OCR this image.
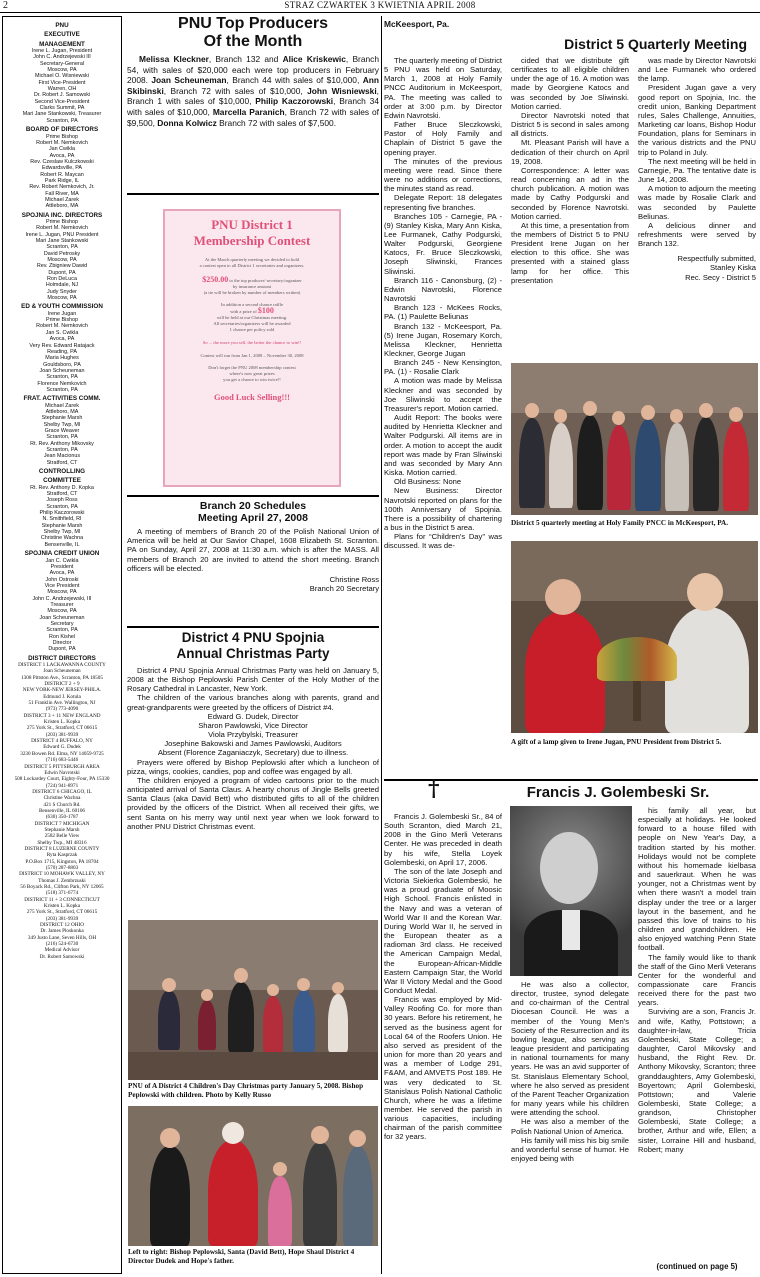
2	STRAZ CZWARTEK 3 KWIETNIA APRIL 2008
PNU
EXECUTIVE
MANAGEMENT
Irene L. Jugan, President
John C. Andrzejewski III
Secretary-General
Moscow, PA
Michael O. Wisniewski
First Vice-President
Warren, OH
Dr. Robert J. Samowski
Second Vice-President
Clarks Summit, PA
Mari Jane Stankowski, Treasurer
Scranton, PA
BOARD OF DIRECTORS
Prime Bishop
Robert M. Nemkovich
Jan Cwikla
Avoca, PA
Rev. Czeslaw Kulczkowski
Edwardsville, PA
Robert R. Maycan
Park Ridge, IL
Rev. Robert Nemkovich, Jr.
Fall River, MA
Michael Zarek
Attleboro, MA
SPOJNIA INC. DIRECTORS
Prime Bishop
Robert M. Nemkovich
Irene L. Jugan, PNU President
Mari Jane Stankowski
Scranton, PA
David Petrosky
Moscow, PA
Rev. Zbigniew Dawid
Dupont, PA
Ron DeLuca
Holmdale, NJ
Judy Snyder
Moscow, PA
ED & YOUTH COMMISSION
Irene Jugan
Prime Bishop
Robert M. Nemkovich
Jan S. Cwikla
Avoca, PA
Very Rev. Edward Ratajack
Reading, PA
Maria Hughes
Gouldsboro, PA
Joan Scheuneman
Scranton, PA
Florence Nemkovich
Scranton, PA
FRAT. ACTIVITIES COMM.
Michael Zarek
Attleboro, MA
Stephanie Marsh
Shelby Twp, MI
Grace Weaver
Scranton, PA
Rt. Rev. Anthony Mikovsky
Scranton, PA
Jean Macionus
Stratford, CT
CONTROLLING
COMMITTEE
Rt. Rev. Anthony D. Kopka
Stratford, CT
Joseph Ross
Scranton, PA
Philip Kaczorowski
N. Smithfield, RI
Stephanie Marsh
Shelby Twp, MI
Christine Wachna
Bensenville, IL
SPOJNIA CREDIT UNION
Jan C. Cwikla
President
Avoca, PA
John Ostroski
Vice President
Moscow, PA
John C. Andrzejewski, III
Treasurer
Moscow, PA
Joan Scheuneman
Secretary
Scranton, PA
Ron Kishel
Director
Dupont, PA
DISTRICT DIRECTORS
DISTRICT 1 LACKAWANNA COUNTY
Joan Scheuneman
1308 Pittston Ave., Scranton, PA 18505
DISTRICT 2 + 9
NEW YORK-NEW JERSEY-PHILA.
Edmund J. Kotula
51 Franklin Ave. Wallington, NJ
(973) 773-4090
DISTRICT 3 + 11 NEW ENGLAND
Kristen L. Kopka
275 York St., Stratford, CT 06615
(203) 381-9939
DISTRICT 4 BUFFALO, NY
Edward G. Dudek
3230 Bowen Rd. Elma, NY 14059-9725
(716) 683-5446
DISTRICT 5 PITTSBURGH AREA
Edwin Navrotski
508 Lockardey Court, Eighty-Four, PA 15330
(724) 941-8971
DISTRICT 6 CHICAGO, IL
Christine Wachna
421 S Church Rd.
Bensenville, IL 60106
(630) 350-1787
DISTRICT 7 MICHIGAN
Stephanie Marsh
2582 Belle View
Shelby Twp., MI 48316
DISTRICT 8 LUZERNE COUNTY
Ryta Kasprzak
P.O.Box 1715, Kingston, PA 18704
(570) 287-8803
DISTRICT 10 MOHAWK VALLEY, NY
Thomas J. Zembrzuski
56 Boyack Rd., Clifton Park, NY 12065
(518) 371-6774
DISTRICT 11 + 3 CONNECTICUT
Kristen L. Kopka
275 York St., Stratford, CT 06615
(203) 381-9939
DISTRICT 12 OHIO
Dr. James Ploskonka
349 Justo Lane, Seven Hills, OH
(216) 524-6730
Medical Advisor
Dr. Robert Samowski
PNU Top Producers
Of the Month
Melissa Kleckner, Branch 132 and Alice Kriskewic, Branch 54, with sales of $20,000 each were top producers in February 2008. Joan Scheuneman, Branch 44 with sales of $10,000, Ann Skibinski, Branch 72 with sales of $10,000, John Wisniewski, Branch 1 with sales of $10,000, Philip Kaczorowski, Branch 34 with sales of $10,000, Marcella Paranich, Branch 72 with sales of $9,500, Donna Kolwicz Branch 72 with sales of $7,500.
PNU District 1
Membership Contest
At the March quarterly meeting we decided to hold
a contest open to all District 1 secretaries and organizers.
$250.00 to the top producer/ secretary/organizer
by insurance amount
(a tie will be broken by number of members written)
In addition a second chance raffle
with a prize of $100
will be held at our Christmas meeting.
All secretaries/organizers will be awarded
1 chance per policy sold
So ... the more you sell, the better the chance to win!!
Contest will run from Jan 1, 2008 – November 30, 2008
Don't forget the PNU 2008 membership contest
where's now great prizes
you get a chance to win twice!!
Good Luck Selling!!!
Branch 20 Schedules
Meeting April 27, 2008
A meeting of members of Branch 20 of the Polish National Union of America will be held at Our Savior Chapel, 1608 Elizabeth St. Scranton. PA on Sunday, April 27, 2008 at 11:30 a.m. which is after the MASS. All members of Branch 20 are invited to attend the short meeting. Branch officers will be elected.
Christine Ross
Branch 20 Secretary
District 4 PNU Spojnia
Annual Christmas Party

District 4 PNU Spojnia Annual Christmas Party was held on January 5, 2008 at the Bishop Peplowski Parish Center of the Holy Mother of the Rosary Cathedral in Lancaster, New York.

The children of the various branches along with parents, grand and great-grandparents were greeted by the officers of District #4.

Edward G. Dudek, Director
Sharon Pawlowski, Vice Director
Viola Przybylski, Treasurer
Josephine Bakowski and James Pawlowski, Auditors
Absent (Florence Zaganiaczyk, Secretary) due to illness.

Prayers were offered by Bishop Peplowski after which a luncheon of pizza, wings, cookies, candies, pop and coffee was engaged by all.

The children enjoyed a program of video cartoons prior to the much anticipated arrival of Santa Claus. A hearty chorus of Jingle Bells greeted Santa Claus (aka David Bett) who distributed gifts to all of the children provided by the officers of the District. When all received their gifts, we sent Santa on his merry way until next year when we look forward to another PNU District Christmas event.

PNU of A District 4 Children's Day Christmas party January 5, 2008. Bishop Peplowski with children. Photo by Kelly Russo
Left to right: Bishop Peplowski, Santa (David Bett), Hope Shaul District 4 Director Dudek and Hope's father.
McKeesport, Pa.
District 5 Quarterly Meeting

The quarterly meeting of District 5 PNU was held on Saturday, March 1, 2008 at Holy Family PNCC Auditorium in McKeesport, PA. The meeting was called to order at 3:00 p.m. by Director Edwin Navrotski.

Father Bruce Sleczkowski, Pastor of Holy Family and Chaplain of District 5 gave the opening prayer.

The minutes of the previous meeting were read. Since there were no additions or corrections, the minutes stand as read.

Delegate Report: 18 delegates representing five branches.

Branches 105 - Carnegie, PA - (9) Stanley Kiska, Mary Ann Kiska, Lee Furmanek, Cathy Podgurski, Walter Podgurski, Georgiene Katocs, Fr. Bruce Sleczkowski, Joseph Sliwinski, Frances Sliwinski.

Branch 116 - Canonsburg, (2) - Edwin Navrotski, Florence Navrotski

Branch 123 - McKees Rocks, PA. (1) Paulette Beliunas

Branch 132 - McKeesport, Pa. (5) Irene Jugan, Rosemary Korch, Melissa Kleckner, Henrietta Kleckner, George Jugan

Branch 245 - New Kensington, PA. (1) - Rosalie Clark

A motion was made by Melissa Kleckner and was seconded by Joe Sliwinski to accept the Treasurer's report. Motion carried.

Audit Report: The books were audited by Henrietta Kleckner and Walter Podgurski. All items are in order. A motion to accept the audit report was made by Fran Sliwinski and was seconded by Mary Ann Kiska. Motion carried.

Old Business: None

New Business: Director Navrotski reported on plans for the 100th Anniversary of Spojnia. There is a possibility of chartering a bus in the District 5 area.

Plans for “Children's Day” was discussed. It was de-

cided that we distribute gift certificates to all eligible children under the age of 16. A motion was made by Georgiene Katocs and was seconded by Joe Sliwinski. Motion carried.

Director Navrotski noted that District 5 is second in sales among all districts.

Mt. Pleasant Parish will have a dedication of their church on April 19, 2008.

Correspondence: A letter was read concerning an ad in the church publication. A motion was made by Cathy Podgurski and seconded by Florence Navrotski. Motion carried.

At this time, a presentation from the members of District 5 to PNU President Irene Jugan on her election to this office. She was presented with a stained glass lamp for her office. This presentation

was made by Director Navrotski and Lee Furmanek who ordered the lamp.

President Jugan gave a very good report on Spojnia, Inc. the credit union, Banking Department rules, Sales Challenge, Annuities, Marketing car loans, Bishop Hodur Foundation, plans for Seminars in the various districts and the PNU trip to Poland in July.

The next meeting will be held in Carnegie, Pa. The tentative date is June 14, 2008.

A motion to adjourn the meeting was made by Rosalie Clark and was seconded by Paulette Beliunas.

A delicious dinner and refreshments were served by Branch 132.

Respectfully submitted,
Stanley Kiska
Rec. Secy - District 5
District 5 quarterly meeting at Holy Family PNCC in McKeesport, PA.
A gift of a lamp given to Irene Jugan, PNU President from District 5.
†	Francis J. Golembeski Sr.

Francis J. Golembeski Sr., 84 of South Scranton, died March 21, 2008 in the Gino Merli Veterans Center. He was preceded in death by his wife, Stella Loyek Golembeski, on April 17, 2006.

The son of the late Joseph and Victoria Siekierka Golembeski, he was a proud graduate of Moosic High School. Francis enlisted in the Navy and was a veteran of World War II and the Korean War. During World War II, he served in the European theater as a radioman 3rd class. He received the American Campaign Medal, the European-African-Middle Eastern Campaign Star, the World War II Victory Medal and the Good Conduct Medal.

Francis was employed by Mid-Valley Roofing Co. for more than 30 years. Before his retirement, he served as the business agent for Local 64 of the Roofers Union. He also served as president of the union for more than 20 years and was a member of Lodge 291, F&AM, and AMVETS Post 189. He was very dedicated to St. Stanislaus Polish National Catholic Church, where he was a lifetime member. He served the parish in various capacities, including chairman of the parish committee for 32 years.

He was also a collector, director, trustee, synod delegate and co-chairman of the Central Diocesan Council. He was a member of the Young Men's Society of the Resurrection and its bowling league, also serving as league president and participating in national tournaments for many years. He was an avid supporter of St. Stanislaus Elementary School, where he also served as president of the Parent Teacher Organization for many years while his children were attending the school.

He was also a member of the Polish National Union of America.

His family will miss his big smile and wonderful sense of humor. He enjoyed being with

his family all year, but especially at holidays. He looked forward to a house filled with people on New Year's Day, a tradition started by his mother. Holidays would not be complete without his homemade kielbasa and sauerkraut. When he was younger, not a Christmas went by when there wasn't a model train display under the tree or a larger layout in the basement, and he passed this love of trains to his children and grandchildren. He also enjoyed watching Penn State football.

The family would like to thank the staff of the Gino Merli Veterans Center for the wonderful and compassionate care Francis received there for the past two years.

Surviving are a son, Francis Jr. and wife, Kathy, Pottstown; a daughter-in-law, Tricia Golembeski, State College; a daughter, Carol Mikovsky and husband, the Right Rev. Dr. Anthony Mikovsky, Scranton; three granddaughters, Amy Golembeski, Boyertown; April Golembeski, Pottstown; and Valerie Golembeski, State College; a grandson, Christopher Golembeski, State College; a brother, Arthur and wife, Ellen; a sister, Lorraine Hill and husband, Robert; many

(continued on page 5)
